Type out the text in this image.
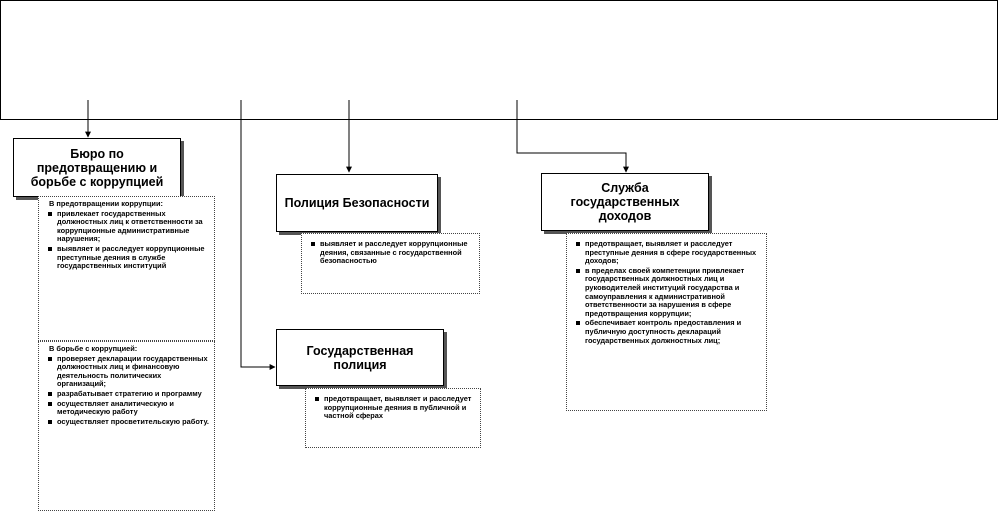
Бюро по предотвращению и борьбе с коррупцией
В предотвращении коррупции:
привлекает государственных должностных лиц к ответственности за коррупционные административные нарушения;
выявляет и расследует коррупционные преступные деяния в службе государственных институций
В борьбе с коррупцией:
проверяет декларации государственных должностных лиц и финансовую деятельность политических организаций;
разрабатывает стратегию и программу
осуществляет аналитическую и методическую работу
осуществляет просветительскую работу.
Полиция Безопасности
выявляет и расследует коррупционные деяния, связанные с государственной безопасностью
Государственная полиция
предотвращает, выявляет и расследует коррупционные деяния в публичной и частной сферах
Служба государственных доходов
предотвращает, выявляет и расследует преступные деяния в сфере государственных доходов;
в пределах своей компетенции привлекает государственных должностных лиц и руководителей институций государства и самоуправления к административной ответственности за нарушения в сфере предотвращения коррупции;
обеспечивает контроль предоставления и публичную доступность деклараций государственных должностных лиц;
